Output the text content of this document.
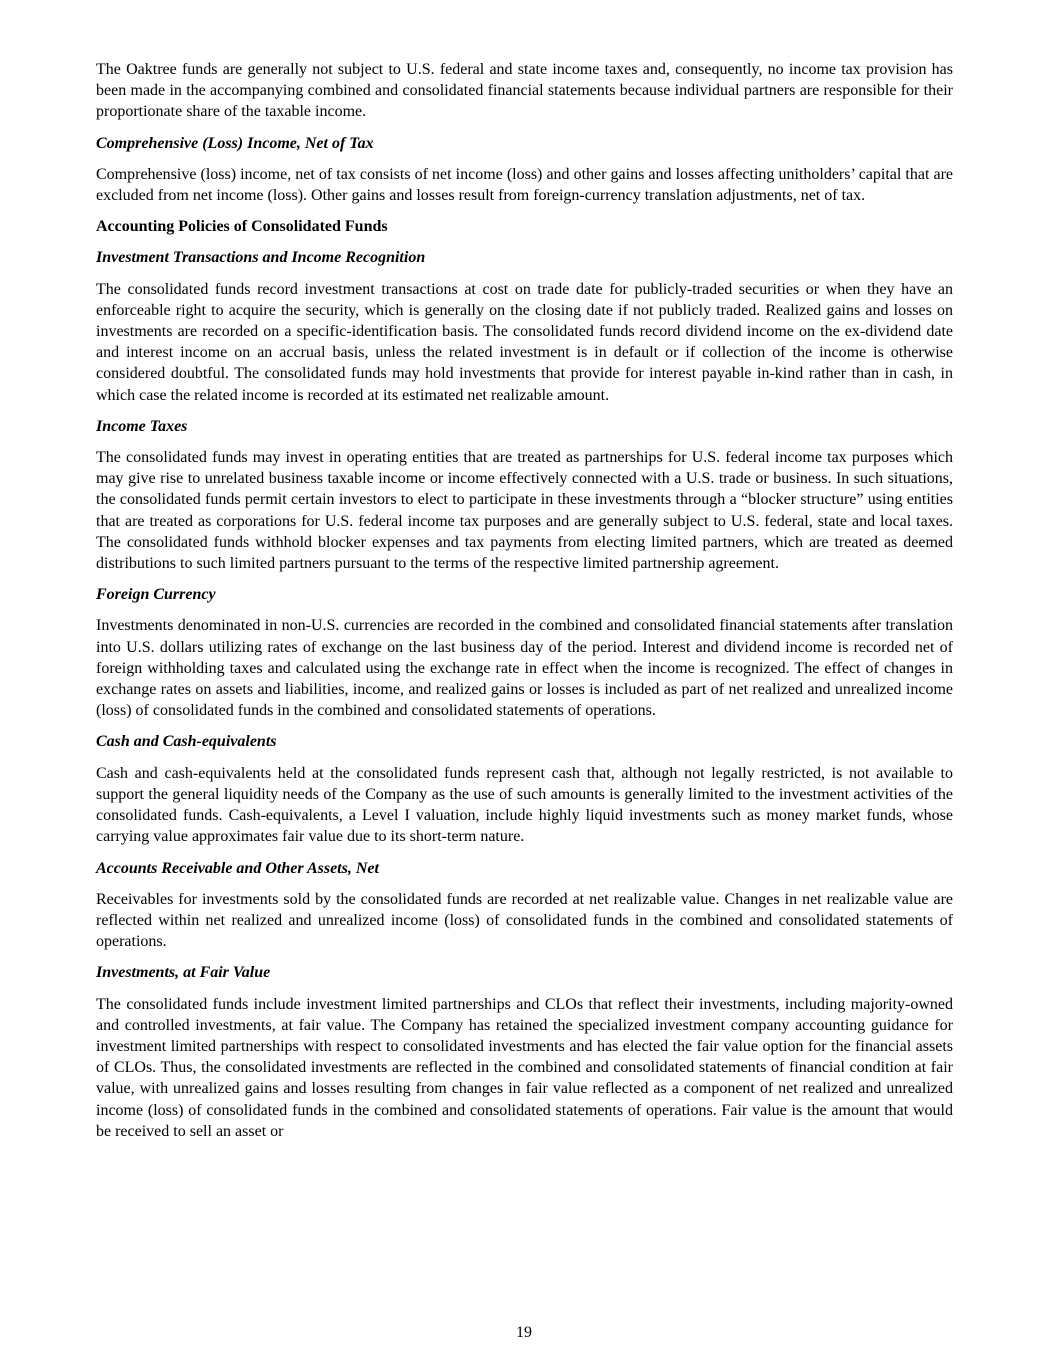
The Oaktree funds are generally not subject to U.S. federal and state income taxes and, consequently, no income tax provision has been made in the accompanying combined and consolidated financial statements because individual partners are responsible for their proportionate share of the taxable income.

Comprehensive (Loss) Income, Net of Tax

Comprehensive (loss) income, net of tax consists of net income (loss) and other gains and losses affecting unitholders’ capital that are excluded from net income (loss). Other gains and losses result from foreign-currency translation adjustments, net of tax.

Accounting Policies of Consolidated Funds

Investment Transactions and Income Recognition

The consolidated funds record investment transactions at cost on trade date for publicly-traded securities or when they have an enforceable right to acquire the security, which is generally on the closing date if not publicly traded. Realized gains and losses on investments are recorded on a specific-identification basis. The consolidated funds record dividend income on the ex-dividend date and interest income on an accrual basis, unless the related investment is in default or if collection of the income is otherwise considered doubtful. The consolidated funds may hold investments that provide for interest payable in-kind rather than in cash, in which case the related income is recorded at its estimated net realizable amount.

Income Taxes

The consolidated funds may invest in operating entities that are treated as partnerships for U.S. federal income tax purposes which may give rise to unrelated business taxable income or income effectively connected with a U.S. trade or business. In such situations, the consolidated funds permit certain investors to elect to participate in these investments through a “blocker structure” using entities that are treated as corporations for U.S. federal income tax purposes and are generally subject to U.S. federal, state and local taxes. The consolidated funds withhold blocker expenses and tax payments from electing limited partners, which are treated as deemed distributions to such limited partners pursuant to the terms of the respective limited partnership agreement.

Foreign Currency

Investments denominated in non-U.S. currencies are recorded in the combined and consolidated financial statements after translation into U.S. dollars utilizing rates of exchange on the last business day of the period. Interest and dividend income is recorded net of foreign withholding taxes and calculated using the exchange rate in effect when the income is recognized. The effect of changes in exchange rates on assets and liabilities, income, and realized gains or losses is included as part of net realized and unrealized income (loss) of consolidated funds in the combined and consolidated statements of operations.

Cash and Cash-equivalents

Cash and cash-equivalents held at the consolidated funds represent cash that, although not legally restricted, is not available to support the general liquidity needs of the Company as the use of such amounts is generally limited to the investment activities of the consolidated funds. Cash-equivalents, a Level I valuation, include highly liquid investments such as money market funds, whose carrying value approximates fair value due to its short-term nature.

Accounts Receivable and Other Assets, Net

Receivables for investments sold by the consolidated funds are recorded at net realizable value. Changes in net realizable value are reflected within net realized and unrealized income (loss) of consolidated funds in the combined and consolidated statements of operations.

Investments, at Fair Value

The consolidated funds include investment limited partnerships and CLOs that reflect their investments, including majority-owned and controlled investments, at fair value. The Company has retained the specialized investment company accounting guidance for investment limited partnerships with respect to consolidated investments and has elected the fair value option for the financial assets of CLOs. Thus, the consolidated investments are reflected in the combined and consolidated statements of financial condition at fair value, with unrealized gains and losses resulting from changes in fair value reflected as a component of net realized and unrealized income (loss) of consolidated funds in the combined and consolidated statements of operations. Fair value is the amount that would be received to sell an asset or

19
